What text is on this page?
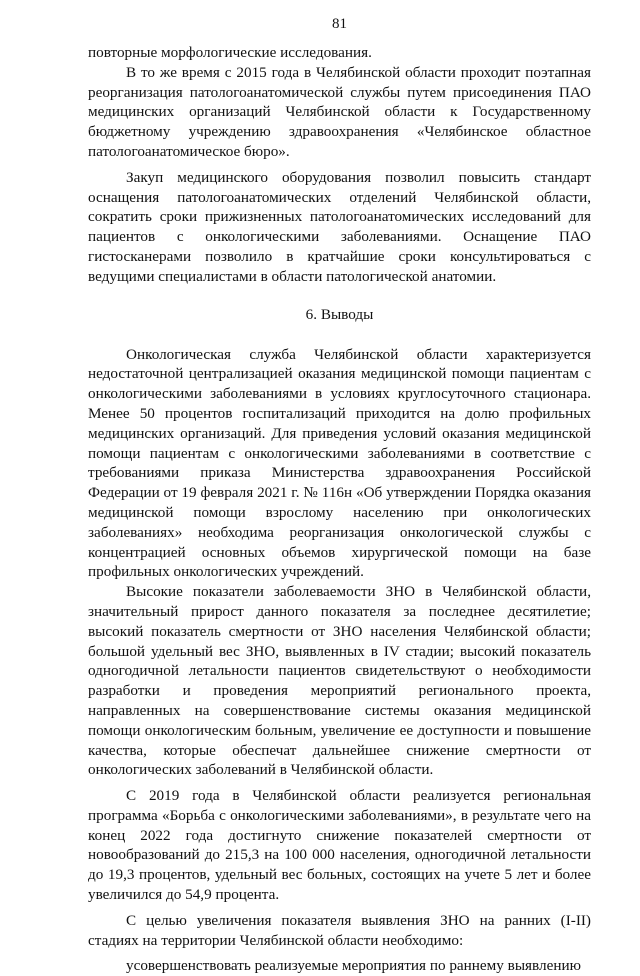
81

повторные морфологические исследования.

В то же время с 2015 года в Челябинской области проходит поэтапная реорганизация патологоанатомической службы путем присоединения ПАО медицинских организаций Челябинской области к Государственному бюджетному учреждению здравоохранения «Челябинское областное патологоанатомическое бюро».

Закуп медицинского оборудования позволил повысить стандарт оснащения патологоанатомических отделений Челябинской области, сократить сроки прижизненных патологоанатомических исследований для пациентов с онкологическими заболеваниями. Оснащение ПАО гистосканерами позволило в кратчайшие сроки консультироваться с ведущими специалистами в области патологической анатомии.

6. Выводы

Онкологическая служба Челябинской области характеризуется недостаточной централизацией оказания медицинской помощи пациентам с онкологическими заболеваниями в условиях круглосуточного стационара. Менее 50 процентов госпитализаций приходится на долю профильных медицинских организаций. Для приведения условий оказания медицинской помощи пациентам с онкологическими заболеваниями в соответствие с требованиями приказа Министерства здравоохранения Российской Федерации от 19 февраля 2021 г. № 116н «Об утверждении Порядка оказания медицинской помощи взрослому населению при онкологических заболеваниях» необходима реорганизация онкологической службы с концентрацией основных объемов хирургической помощи на базе профильных онкологических учреждений.

Высокие показатели заболеваемости ЗНО в Челябинской области, значительный прирост данного показателя за последнее десятилетие; высокий показатель смертности от ЗНО населения Челябинской области; большой удельный вес ЗНО, выявленных в IV стадии; высокий показатель одногодичной летальности пациентов свидетельствуют о необходимости разработки и проведения мероприятий регионального проекта, направленных на совершенствование системы оказания медицинской помощи онкологическим больным, увеличение ее доступности и повышение качества, которые обеспечат дальнейшее снижение смертности от онкологических заболеваний в Челябинской области.

С 2019 года в Челябинской области реализуется региональная программа «Борьба с онкологическими заболеваниями», в результате чего на конец 2022 года достигнуто снижение показателей смертности от новообразований до 215,3 на 100 000 населения, одногодичной летальности до 19,3 процентов, удельный вес больных, состоящих на учете 5 лет и более увеличился до 54,9 процента.

С целью увеличения показателя выявления ЗНО на ранних (I-II) стадиях на территории Челябинской области необходимо:

усовершенствовать реализуемые мероприятия по раннему выявлению
